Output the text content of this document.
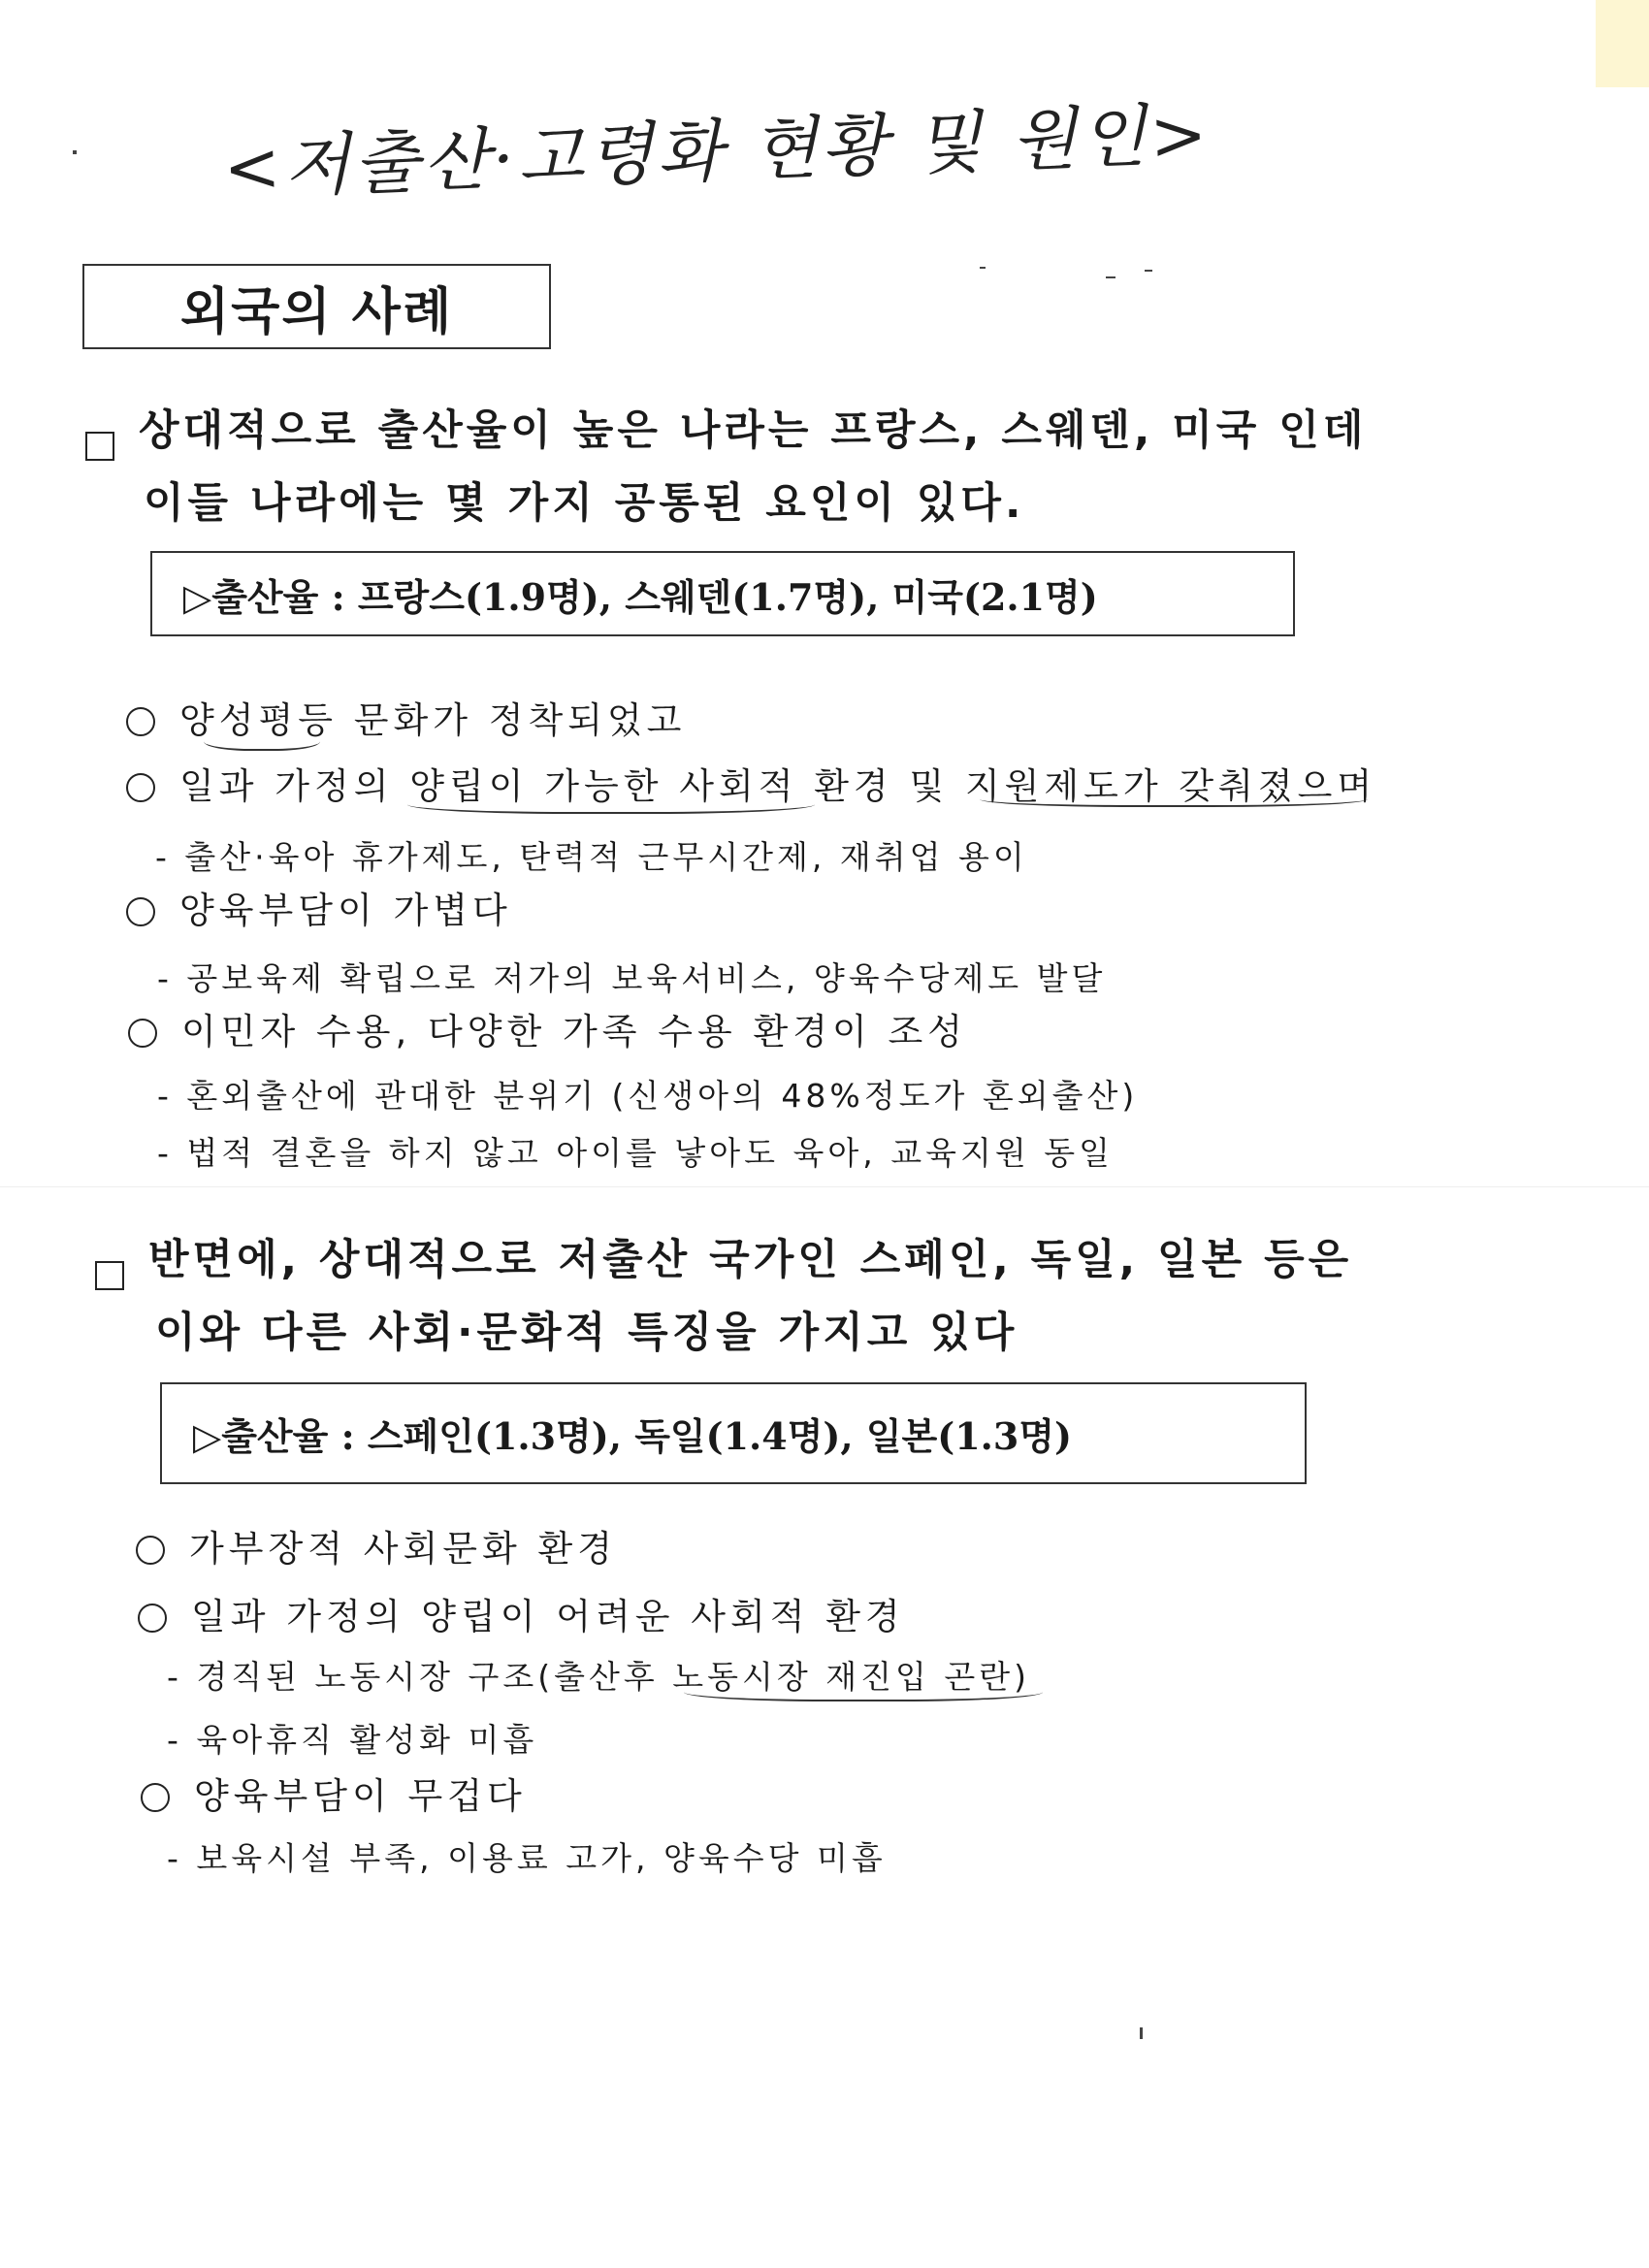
<저출산·고령화 현황 및 원인>
외국의 사례
상대적으로 출산율이 높은 나라는 프랑스, 스웨덴, 미국 인데
이들 나라에는 몇 가지 공통된 요인이 있다.
▷출산율 : 프랑스(1.9명), 스웨덴(1.7명), 미국(2.1명)
양성평등 문화가 정착되었고
일과 가정의 양립이 가능한 사회적 환경 및 지원제도가 갖춰졌으며
- 출산·육아 휴가제도, 탄력적 근무시간제, 재취업 용이
양육부담이 가볍다
- 공보육제 확립으로 저가의 보육서비스, 양육수당제도 발달
이민자 수용, 다양한 가족 수용 환경이 조성
- 혼외출산에 관대한 분위기 (신생아의 48%정도가 혼외출산)
- 법적 결혼을 하지 않고 아이를 낳아도 육아, 교육지원 동일
반면에, 상대적으로 저출산 국가인 스페인, 독일, 일본 등은
이와 다른 사회·문화적 특징을 가지고 있다
▷출산율 : 스페인(1.3명), 독일(1.4명), 일본(1.3명)
가부장적 사회문화 환경
일과 가정의 양립이 어려운 사회적 환경
- 경직된 노동시장 구조(출산후 노동시장 재진입 곤란)
- 육아휴직 활성화 미흡
양육부담이 무겁다
- 보육시설 부족, 이용료 고가, 양육수당 미흡
